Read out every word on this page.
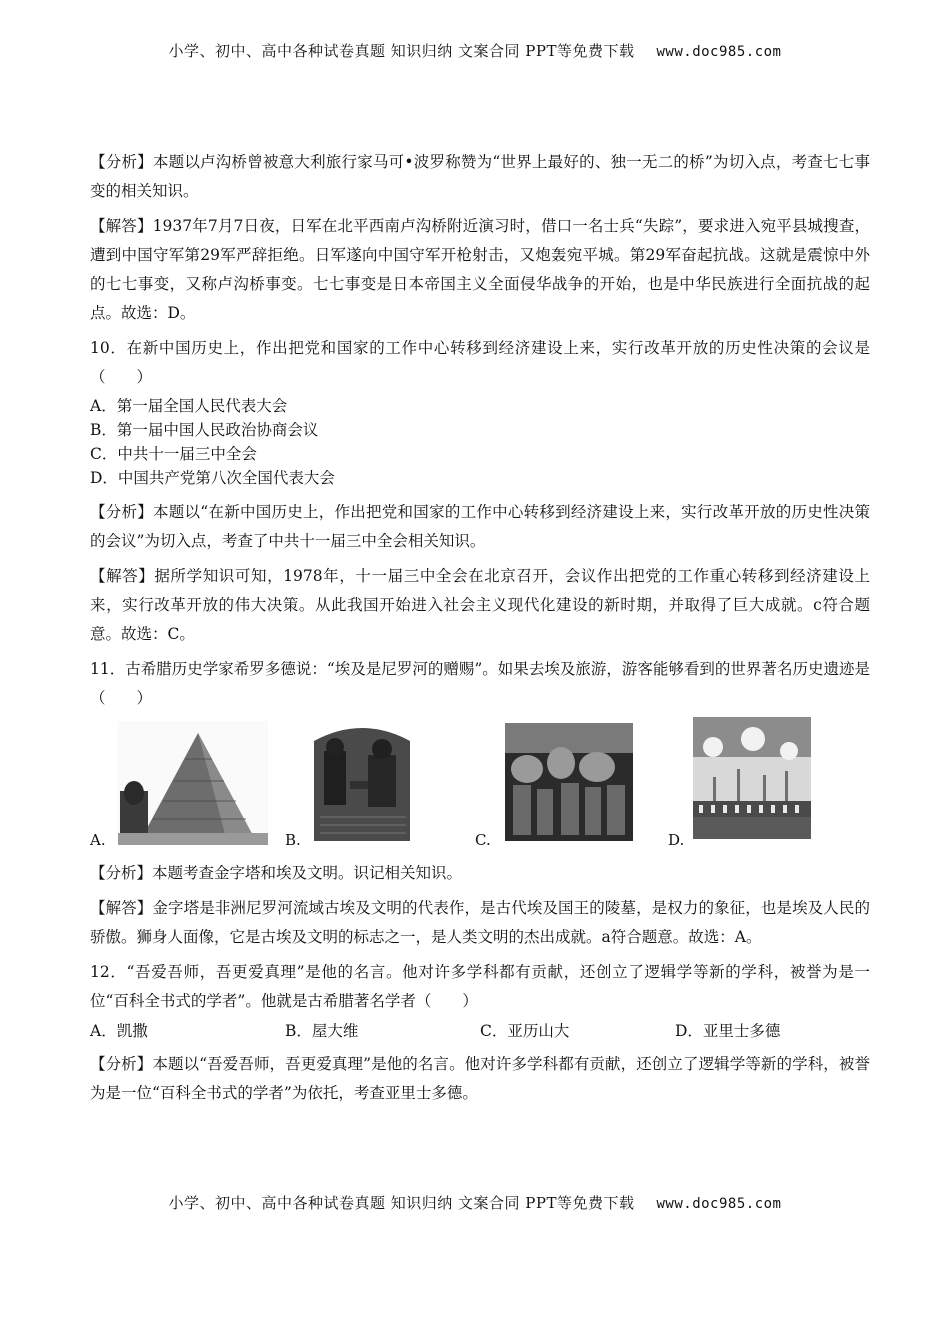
小学、初中、高中各种试卷真题 知识归纳 文案合同 PPT等免费下载 www.doc985.com

【分析】本题以卢沟桥曾被意大利旅行家马可•波罗称赞为“世界上最好的、独一无二的桥”为切入点，考查七七事变的相关知识。

【解答】1937年7月7日夜，日军在北平西南卢沟桥附近演习时，借口一名士兵“失踪”，要求进入宛平县城搜查，遭到中国守军第29军严辞拒绝。日军遂向中国守军开枪射击，又炮轰宛平城。第29军奋起抗战。这就是震惊中外的七七事变，又称卢沟桥事变。七七事变是日本帝国主义全面侵华战争的开始，也是中华民族进行全面抗战的起点。故选：D。

10．在新中国历史上，作出把党和国家的工作中心转移到经济建设上来，实行改革开放的历史性决策的会议是（　　）

A．第一届全国人民代表大会

B．第一届中国人民政治协商会议

C．中共十一届三中全会

D．中国共产党第八次全国代表大会

【分析】本题以“在新中国历史上，作出把党和国家的工作中心转移到经济建设上来，实行改革开放的历史性决策的会议”为切入点，考查了中共十一届三中全会相关知识。

【解答】据所学知识可知，1978年，十一届三中全会在北京召开，会议作出把党的工作重心转移到经济建设上来，实行改革开放的伟大决策。从此我国开始进入社会主义现代化建设的新时期，并取得了巨大成就。c符合题意。故选：C。

11．古希腊历史学家希罗多德说：“埃及是尼罗河的赠赐”。如果去埃及旅游，游客能够看到的世界著名历史遗迹是（　　）

A.	B.	C.	D.

【分析】本题考查金字塔和埃及文明。识记相关知识。

【解答】金字塔是非洲尼罗河流域古埃及文明的代表作，是古代埃及国王的陵墓，是权力的象征，也是埃及人民的骄傲。狮身人面像，它是古埃及文明的标志之一，是人类文明的杰出成就。a符合题意。故选：A。

12．“吾爱吾师，吾更爱真理”是他的名言。他对许多学科都有贡献，还创立了逻辑学等新的学科，被誉为是一位“百科全书式的学者”。他就是古希腊著名学者（　　）

A．凯撒	B．屋大维	C．亚历山大	D．亚里士多德

【分析】本题以“吾爱吾师，吾更爱真理”是他的名言。他对许多学科都有贡献，还创立了逻辑学等新的学科，被誉为是一位“百科全书式的学者”为依托，考查亚里士多德。

小学、初中、高中各种试卷真题 知识归纳 文案合同 PPT等免费下载 www.doc985.com
